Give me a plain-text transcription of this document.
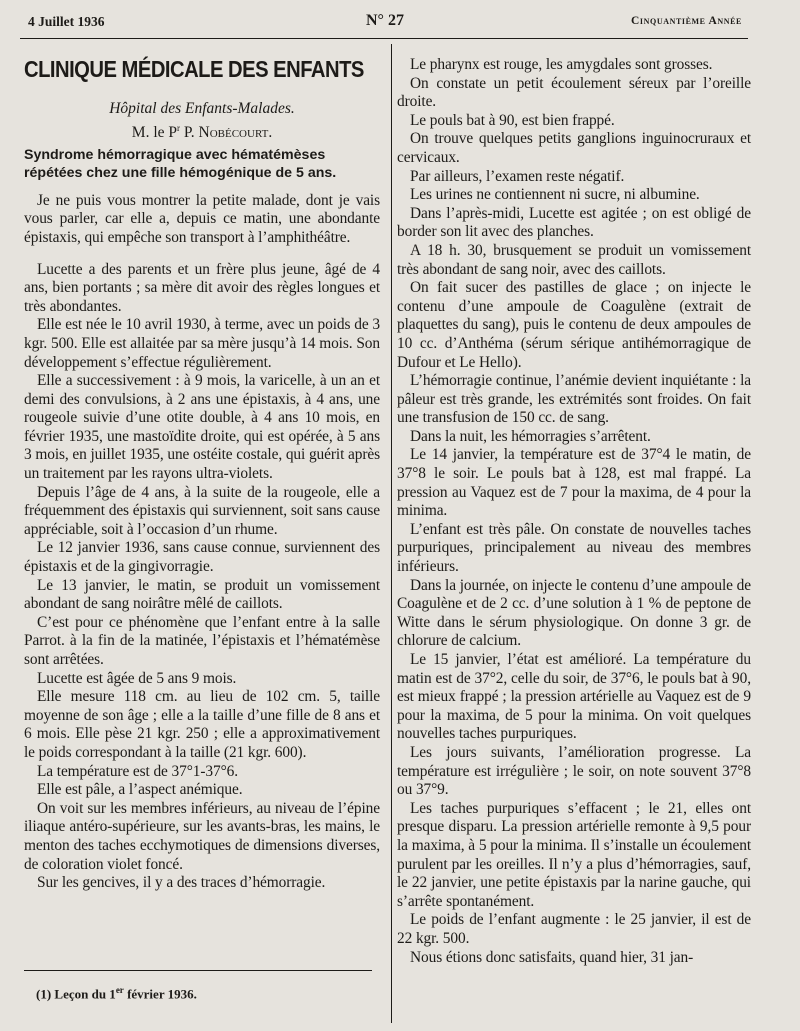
4 Juillet 1936	N° 27	Cinquantième Année
CLINIQUE MÉDICALE DES ENFANTS
Hôpital des Enfants-Malades.
M. le $P^r$ P. Nobécourt.
Syndrome hémorragique avec hématémèses répétées chez une fille hémogénique de 5 ans.

Je ne puis vous montrer la petite malade, dont je vais vous parler, car elle a, depuis ce matin, une abondante épistaxis, qui empêche son transport à l’amphithéâtre.

Lucette a des parents et un frère plus jeune, âgé de 4 ans, bien portants ; sa mère dit avoir des règles longues et très abondantes.

Elle est née le 10 avril 1930, à terme, avec un poids de 3 kgr. 500. Elle est allaitée par sa mère jusqu’à 14 mois. Son développement s’effectue régulièrement.

Elle a successivement : à 9 mois, la varicelle, à un an et demi des convulsions, à 2 ans une épistaxis, à 4 ans, une rougeole suivie d’une otite double, à 4 ans 10 mois, en février 1935, une mastoïdite droite, qui est opérée, à 5 ans 3 mois, en juillet 1935, une ostéite costale, qui guérit après un traitement par les rayons ultra-violets.

Depuis l’âge de 4 ans, à la suite de la rougeole, elle a fréquemment des épistaxis qui surviennent, soit sans cause appréciable, soit à l’occasion d’un rhume.

Le 12 janvier 1936, sans cause connue, surviennent des épistaxis et de la gingivorragie.

Le 13 janvier, le matin, se produit un vomissement abondant de sang noirâtre mêlé de caillots.

C’est pour ce phénomène que l’enfant entre à la salle Parrot. à la fin de la matinée, l’épistaxis et l’hématémèse sont arrêtées.

Lucette est âgée de 5 ans 9 mois.

Elle mesure 118 cm. au lieu de 102 cm. 5, taille moyenne de son âge ; elle a la taille d’une fille de 8 ans et 6 mois. Elle pèse 21 kgr. 250 ; elle a approximativement le poids correspondant à la taille (21 kgr. 600).

La température est de 37°1-37°6.

Elle est pâle, a l’aspect anémique.

On voit sur les membres inférieurs, au niveau de l’épine iliaque antéro-supérieure, sur les avants-bras, les mains, le menton des taches ecchymotiques de dimensions diverses, de coloration violet foncé.

Sur les gencives, il y a des traces d’hémorragie.

(1) Leçon du 1er février 1936.

Le pharynx est rouge, les amygdales sont grosses.

On constate un petit écoulement séreux par l’oreille droite.

Le pouls bat à 90, est bien frappé.

On trouve quelques petits ganglions inguinocruraux et cervicaux.

Par ailleurs, l’examen reste négatif.

Les urines ne contiennent ni sucre, ni albumine.

Dans l’après-midi, Lucette est agitée ; on est obligé de border son lit avec des planches.

A 18 h. 30, brusquement se produit un vomissement très abondant de sang noir, avec des caillots.

On fait sucer des pastilles de glace ; on injecte le contenu d’une ampoule de Coagulène (extrait de plaquettes du sang), puis le contenu de deux ampoules de 10 cc. d’Anthéma (sérum sérique antihémorragique de Dufour et Le Hello).

L’hémorragie continue, l’anémie devient inquiétante : la pâleur est très grande, les extrémités sont froides. On fait une transfusion de 150 cc. de sang.

Dans la nuit, les hémorragies s’arrêtent.

Le 14 janvier, la température est de 37°4 le matin, de 37°8 le soir. Le pouls bat à 128, est mal frappé. La pression au Vaquez est de 7 pour la maxima, de 4 pour la minima.

L’enfant est très pâle. On constate de nouvelles taches purpuriques, principalement au niveau des membres inférieurs.

Dans la journée, on injecte le contenu d’une ampoule de Coagulène et de 2 cc. d’une solution à 1 % de peptone de Witte dans le sérum physiologique. On donne 3 gr. de chlorure de calcium.

Le 15 janvier, l’état est amélioré. La température du matin est de 37°2, celle du soir, de 37°6, le pouls bat à 90, est mieux frappé ; la pression artérielle au Vaquez est de 9 pour la maxima, de 5 pour la minima. On voit quelques nouvelles taches purpuriques.

Les jours suivants, l’amélioration progresse. La température est irrégulière ; le soir, on note souvent 37°8 ou 37°9.

Les taches purpuriques s’effacent ; le 21, elles ont presque disparu. La pression artérielle remonte à 9,5 pour la maxima, à 5 pour la minima. Il s’installe un écoulement purulent par les oreilles. Il n’y a plus d’hémorragies, sauf, le 22 janvier, une petite épistaxis par la narine gauche, qui s’arrête spontanément.

Le poids de l’enfant augmente : le 25 janvier, il est de 22 kgr. 500.

Nous étions donc satisfaits, quand hier, 31 jan-
